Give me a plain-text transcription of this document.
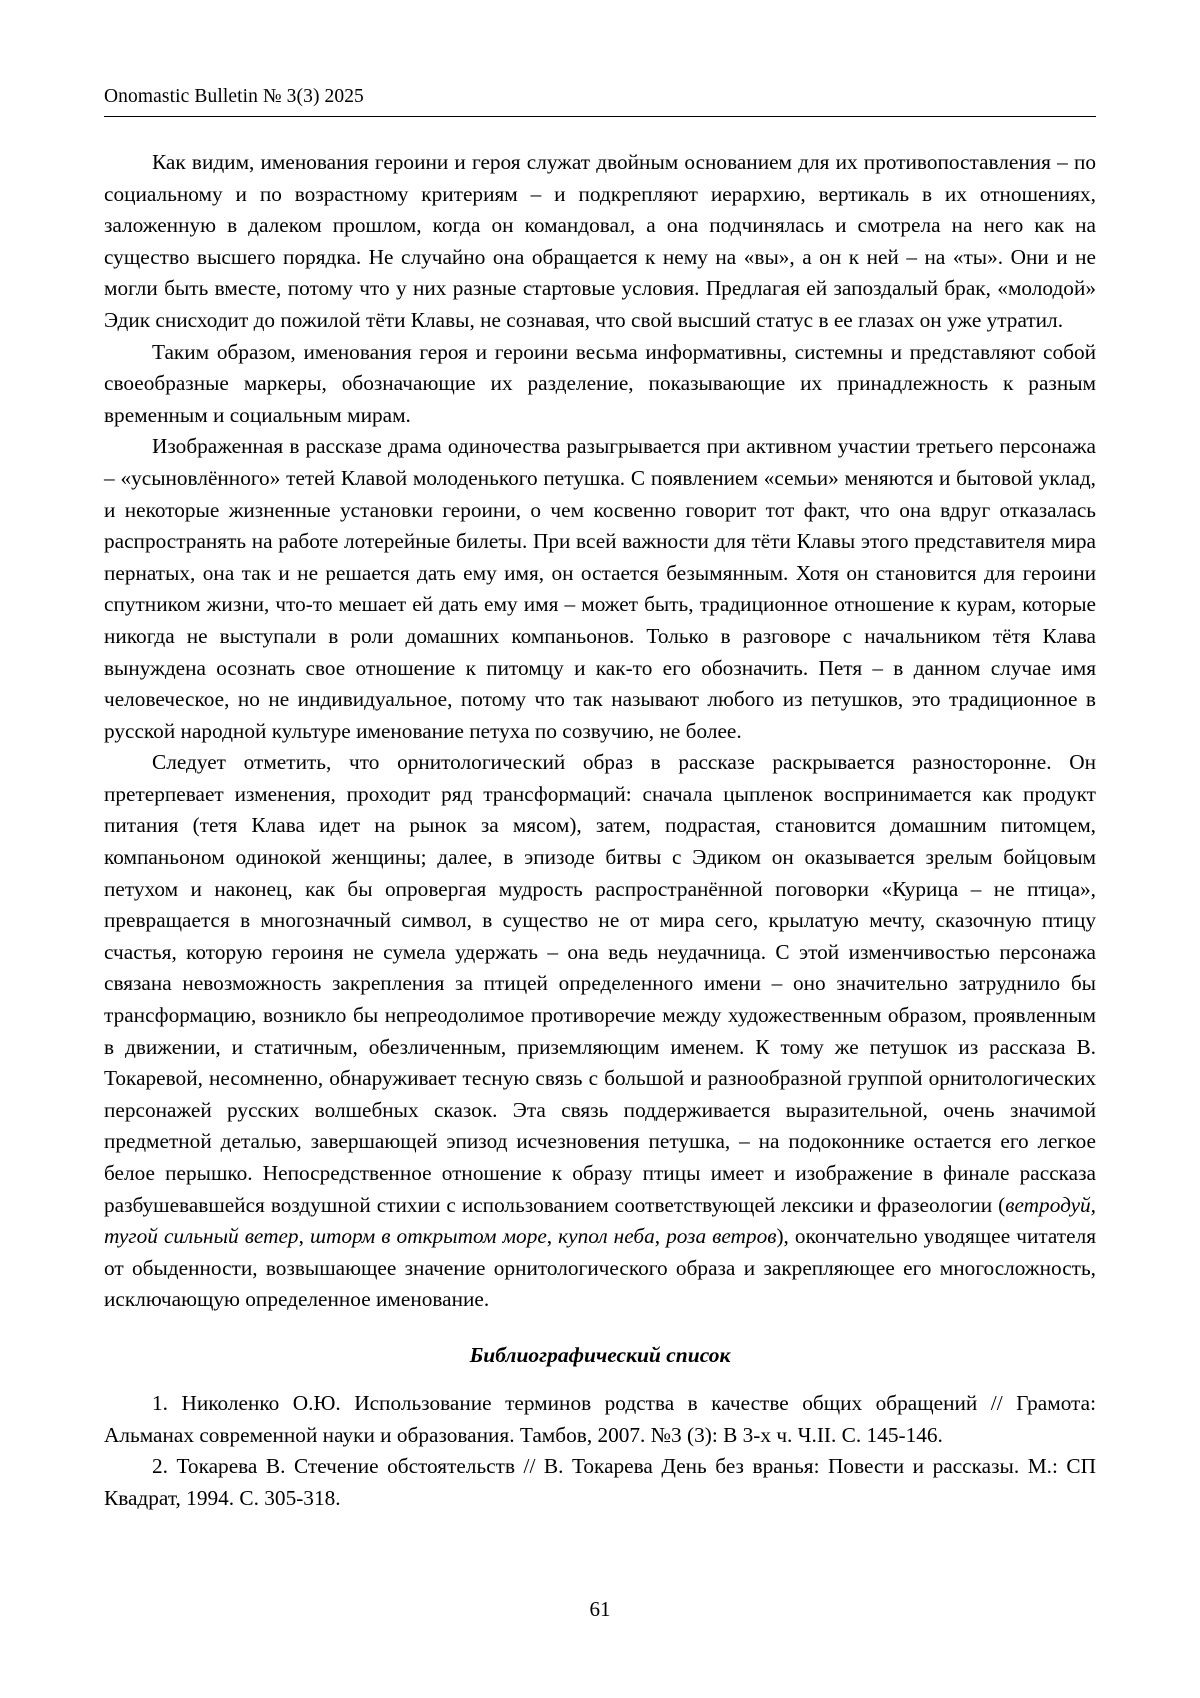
Onomastic Bulletin № 3(3) 2025

Как видим, именования героини и героя служат двойным основанием для их противопоставления – по социальному и по возрастному критериям – и подкрепляют иерархию, вертикаль в их отношениях, заложенную в далеком прошлом, когда он командовал, а она подчинялась и смотрела на него как на существо высшего порядка. Не случайно она обращается к нему на «вы», а он к ней – на «ты». Они и не могли быть вместе, потому что у них разные стартовые условия. Предлагая ей запоздалый брак, «молодой» Эдик снисходит до пожилой тёти Клавы, не сознавая, что свой высший статус в ее глазах он уже утратил.

Таким образом, именования героя и героини весьма информативны, системны и представляют собой своеобразные маркеры, обозначающие их разделение, показывающие их принадлежность к разным временным и социальным мирам.

Изображенная в рассказе драма одиночества разыгрывается при активном участии третьего персонажа – «усыновлённого» тетей Клавой молоденького петушка. С появлением «семьи» меняются и бытовой уклад, и некоторые жизненные установки героини, о чем косвенно говорит тот факт, что она вдруг отказалась распространять на работе лотерейные билеты. При всей важности для тёти Клавы этого представителя мира пернатых, она так и не решается дать ему имя, он остается безымянным. Хотя он становится для героини спутником жизни, что-то мешает ей дать ему имя – может быть, традиционное отношение к курам, которые никогда не выступали в роли домашних компаньонов. Только в разговоре с начальником тётя Клава вынуждена осознать свое отношение к питомцу и как-то его обозначить. Петя – в данном случае имя человеческое, но не индивидуальное, потому что так называют любого из петушков, это традиционное в русской народной культуре именование петуха по созвучию, не более.

Следует отметить, что орнитологический образ в рассказе раскрывается разносторонне. Он претерпевает изменения, проходит ряд трансформаций: сначала цыпленок воспринимается как продукт питания (тетя Клава идет на рынок за мясом), затем, подрастая, становится домашним питомцем, компаньоном одинокой женщины; далее, в эпизоде битвы с Эдиком он оказывается зрелым бойцовым петухом и наконец, как бы опровергая мудрость распространённой поговорки «Курица – не птица», превращается в многозначный символ, в существо не от мира сего, крылатую мечту, сказочную птицу счастья, которую героиня не сумела удержать – она ведь неудачница. С этой изменчивостью персонажа связана невозможность закрепления за птицей определенного имени – оно значительно затруднило бы трансформацию, возникло бы непреодолимое противоречие между художественным образом, проявленным в движении, и статичным, обезличенным, приземляющим именем. К тому же петушок из рассказа В. Токаревой, несомненно, обнаруживает тесную связь с большой и разнообразной группой орнитологических персонажей русских волшебных сказок. Эта связь поддерживается выразительной, очень значимой предметной деталью, завершающей эпизод исчезновения петушка, – на подоконнике остается его легкое белое перышко. Непосредственное отношение к образу птицы имеет и изображение в финале рассказа разбушевавшейся воздушной стихии с использованием соответствующей лексики и фразеологии (ветродуй, тугой сильный ветер, шторм в открытом море, купол неба, роза ветров), окончательно уводящее читателя от обыденности, возвышающее значение орнитологического образа и закрепляющее его многосложность, исключающую определенное именование.

Библиографический список

1. Николенко О.Ю. Использование терминов родства в качестве общих обращений // Грамота: Альманах современной науки и образования. Тамбов, 2007. №3 (3): В 3-х ч. Ч.II. С. 145-146.

2. Токарева В. Стечение обстоятельств // В. Токарева День без вранья: Повести и рассказы. М.: СП Квадрат, 1994. С. 305-318.

61
